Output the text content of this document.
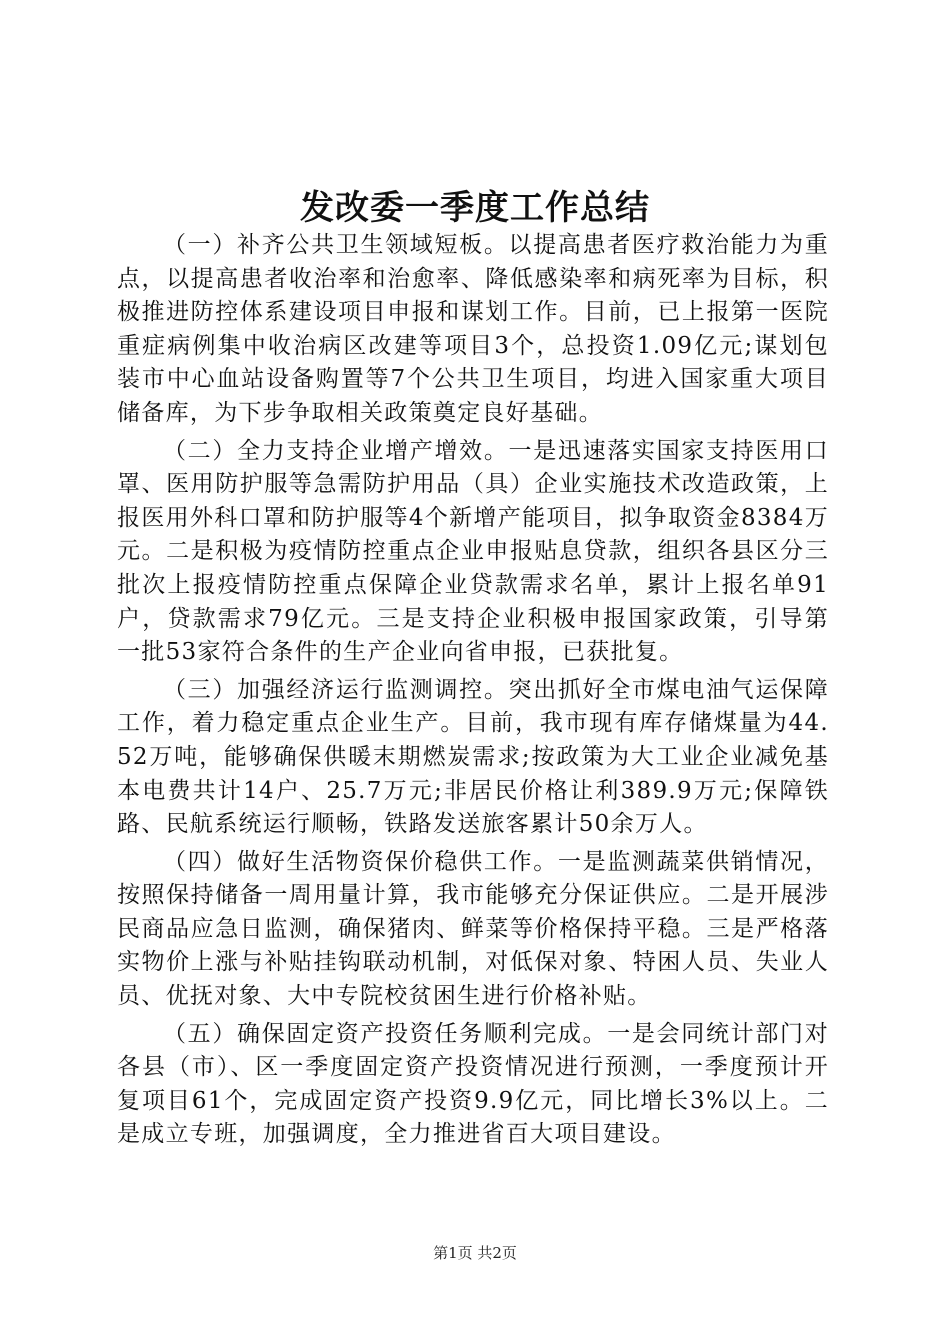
发改委一季度工作总结

（一）补齐公共卫生领域短板。以提高患者医疗救治能力为重点，以提高患者收治率和治愈率、降低感染率和病死率为目标，积极推进防控体系建设项目申报和谋划工作。目前，已上报第一医院重症病例集中收治病区改建等项目3个，总投资1.09亿元;谋划包装市中心血站设备购置等7个公共卫生项目，均进入国家重大项目储备库，为下步争取相关政策奠定良好基础。

（二）全力支持企业增产增效。一是迅速落实国家支持医用口罩、医用防护服等急需防护用品（具）企业实施技术改造政策，上报医用外科口罩和防护服等4个新增产能项目，拟争取资金8384万元。二是积极为疫情防控重点企业申报贴息贷款，组织各县区分三批次上报疫情防控重点保障企业贷款需求名单，累计上报名单91户，贷款需求79亿元。三是支持企业积极申报国家政策，引导第一批53家符合条件的生产企业向省申报，已获批复。

（三）加强经济运行监测调控。突出抓好全市煤电油气运保障工作，着力稳定重点企业生产。目前，我市现有库存储煤量为44.52万吨，能够确保供暖末期燃炭需求;按政策为大工业企业减免基本电费共计14户、25.7万元;非居民价格让利389.9万元;保障铁路、民航系统运行顺畅，铁路发送旅客累计50余万人。

（四）做好生活物资保价稳供工作。一是监测蔬菜供销情况，按照保持储备一周用量计算，我市能够充分保证供应。二是开展涉民商品应急日监测，确保猪肉、鲜菜等价格保持平稳。三是严格落实物价上涨与补贴挂钩联动机制，对低保对象、特困人员、失业人员、优抚对象、大中专院校贫困生进行价格补贴。

（五）确保固定资产投资任务顺利完成。一是会同统计部门对各县（市）、区一季度固定资产投资情况进行预测，一季度预计开复项目61个，完成固定资产投资9.9亿元，同比增长3%以上。二是成立专班，加强调度，全力推进省百大项目建设。

第1页 共2页
